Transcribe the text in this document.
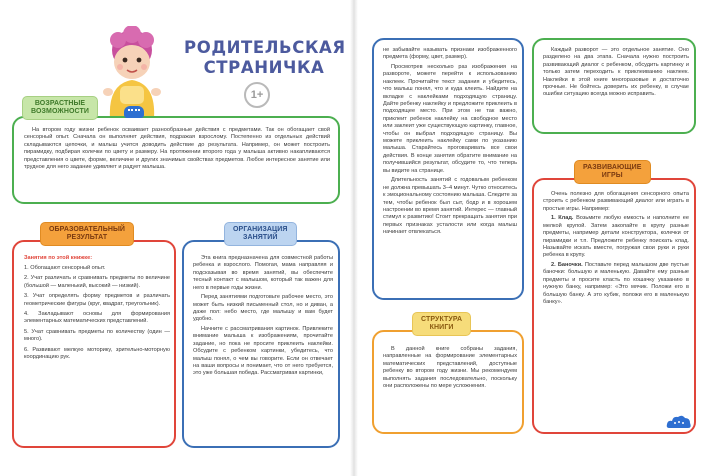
РОДИТЕЛЬСКАЯ
СТРАНИЧКА
1+
На втором году жизни ребенок осваивает разнообразные действия с предметами. Так он обогащает свой сенсорный опыт. Сначала он выполняет действия, подражая взрослому. Постепенно из отдельных действий складываются цепочки, и малыш учится доводить действие до результата. Например, он может построить пирамидку, подбирая колечки по цвету и размеру. На протяжении второго года у малыша активно накапливаются представления о цвете, форме, величине и других значимых свойствах предметов. Любое интересное занятие или трудное для него задание удивляет и радует малыша.
ВОЗРАСТНЫЕ
ВОЗМОЖНОСТИ
Занятия по этой книжке:
1. Обогащают сенсорный опыт.
2. Учат различать и сравнивать предметы по величине (большой — маленький, высокий — низкий).
3. Учат определять форму предметов и различать геометрические фигуры (круг, квадрат, треугольник).
4. Закладывают основы для формирования элементарных математических представлений.
5. Учат сравнивать предметы по количеству (один — много).
6. Развивают мелкую моторику, зрительно-моторную координацию рук.
ОБРАЗОВАТЕЛЬНЫЙ
РЕЗУЛЬТАТ

Эта книга предназначена для совместной работы ребенка и взрослого. Помогая, мама направляя и подсказывая во время занятий, вы обеспечите тесный контакт с малышом, который так важен для него в первые годы жизни.

Перед занятиями подготовьте рабочее место, это может быть низкий письменный стол, но и диван, а даже пол: небо место, где малышу и вам будет удобно.

Начните с рассматривания картинок. Привлеките внимание малыша к изображениям, прочитайте задание, но пока не просите приклеить наклейки. Обсудите с ребенком картинки, убедитесь, что малыш понял, о чем вы говорите. Если он отвечает на ваши вопросы и понимает, что от него требуется, это уже большая победа. Рассматривая картинки,

ОРГАНИЗАЦИЯ
ЗАНЯТИЙ

не забывайте называть признаки изображенного предмета (форму, цвет, размер).

Просмотрев несколько раз изображения на развороте, можете перейти к использованию наклеек. Прочитайте текст задания и убедитесь, что малыш понял, что и куда клеить. Найдите на вкладке с наклейками подходящую страницу. Дайте ребенку наклейку и предложите приклеить в подходящее место. При этом не так важно, приклеит ребенок наклейку на свободное место или заклеит уже существующую картинку, главное, чтобы он выбрал подходящую страницу. Вы можете приклеить наклейку сами по указанию малыша. Старайтесь проговаривать все свои действия. В конце занятия обратите внимание на получившийся результат, обсудите то, что теперь вы видите на странице.

Длительность занятий с годовалым ребенком не должна превышать 3–4 минут. Чутко относитесь к эмоциональному состоянию малыша. Следите за тем, чтобы ребенок был сыт, бодр и в хорошем настроении во время занятий. Интерес — главный стимул к развитию! Стоит прекращать занятия при первых признаках усталости или когда малыш начинает отвлекаться.

В данной книге собраны задания, направленные на формирование элементарных математических представлений, доступные ребенку во втором году жизни. Мы рекомендуем выполнять задания последовательно, поскольку они расположены по мере усложнения.
СТРУКТУРА
КНИГИ
Каждый разворот — это отдельное занятие. Оно разделено на два этапа. Сначала нужно построить развивающий диалог с ребенком, обсудить картинку и только затем переходить к приклеиванию наклеек. Наклейки в этой книге многоразовые и достаточно прочные. Не бойтесь доверить их ребенку, в случае ошибки ситуацию всегда можно исправить.

Очень полезно для обогащения сенсорного опыта строить с ребенком развивающий диалог или играть в простые игры. Например:

1. Клад. Возьмите любую емкость и наполните ее мелкой крупой. Затем закопайте в крупу разные предметы, например детали конструктора, колечки от пирамидки и т.п. Предложите ребенку поискать клад. Называйте искать вместе, погружая свои руки и руки ребенка в крупу.

2. Баночки. Поставьте перед малышом две пустые баночки: большую и маленькую. Давайте ему разные предметы и просите класть по кошачку указанию в нужную банку, например: «Это мячик. Положи его в большую банку. А это кубик, положи его в маленькую банку».

РАЗВИВАЮЩИЕ
ИГРЫ
